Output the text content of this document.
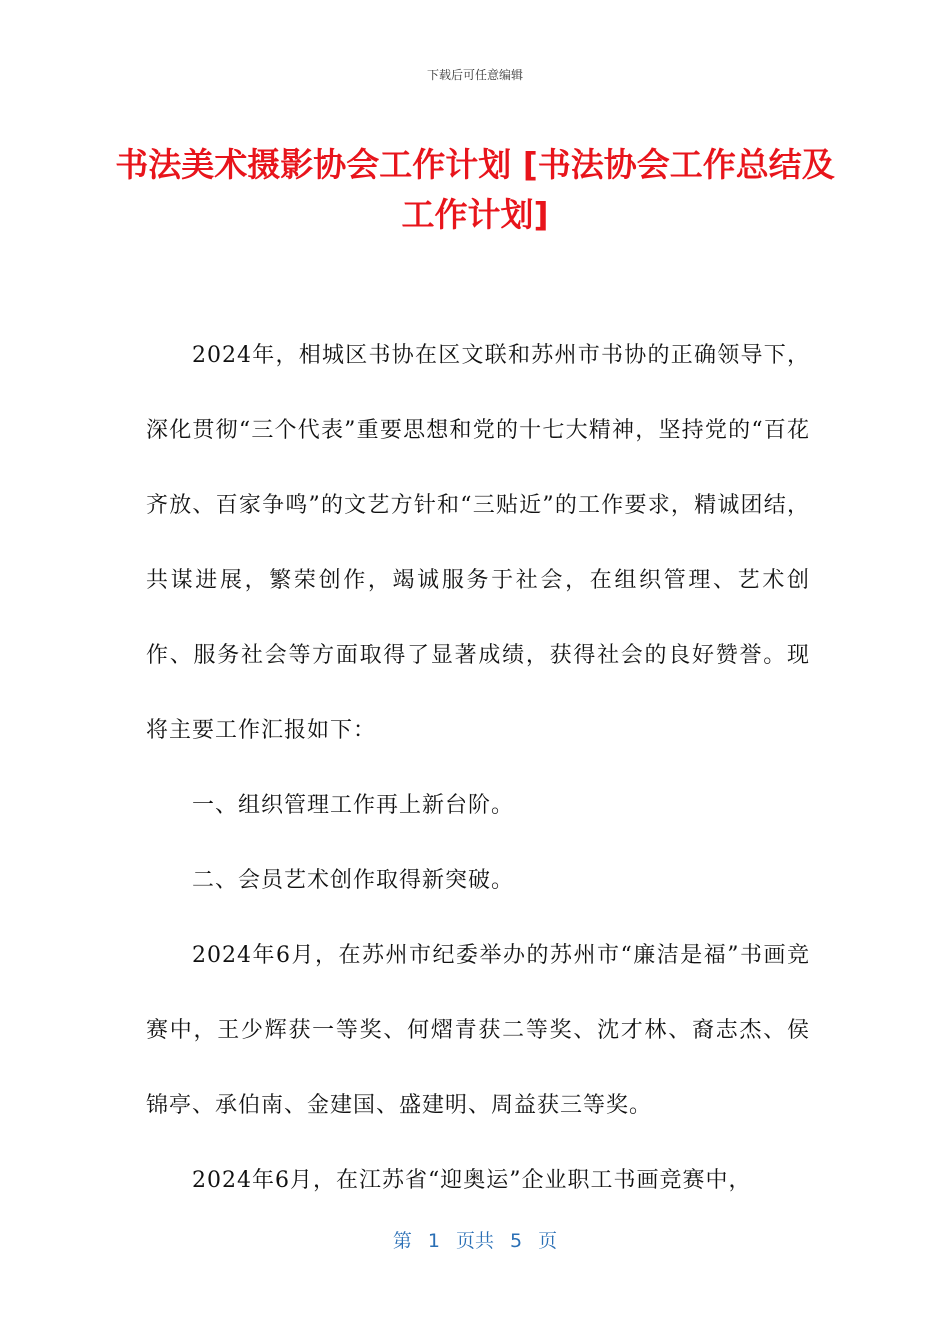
下载后可任意编辑
书法美术摄影协会工作计划 [书法协会工作总结及工作计划]

2024年，相城区书协在区文联和苏州市书协的正确领导下，深化贯彻“三个代表”重要思想和党的十七大精神，坚持党的“百花齐放、百家争鸣”的文艺方针和“三贴近”的工作要求，精诚团结，共谋进展，繁荣创作，竭诚服务于社会，在组织管理、艺术创作、服务社会等方面取得了显著成绩，获得社会的良好赞誉。现将主要工作汇报如下：

一、组织管理工作再上新台阶。

二、会员艺术创作取得新突破。

2024年6月，在苏州市纪委举办的苏州市“廉洁是福”书画竞赛中，王少辉获一等奖、何熠青获二等奖、沈才林、裔志杰、侯锦亭、承伯南、金建国、盛建明、周益获三等奖。

2024年6月，在江苏省“迎奥运”企业职工书画竞赛中，

第 1 页共 5 页
